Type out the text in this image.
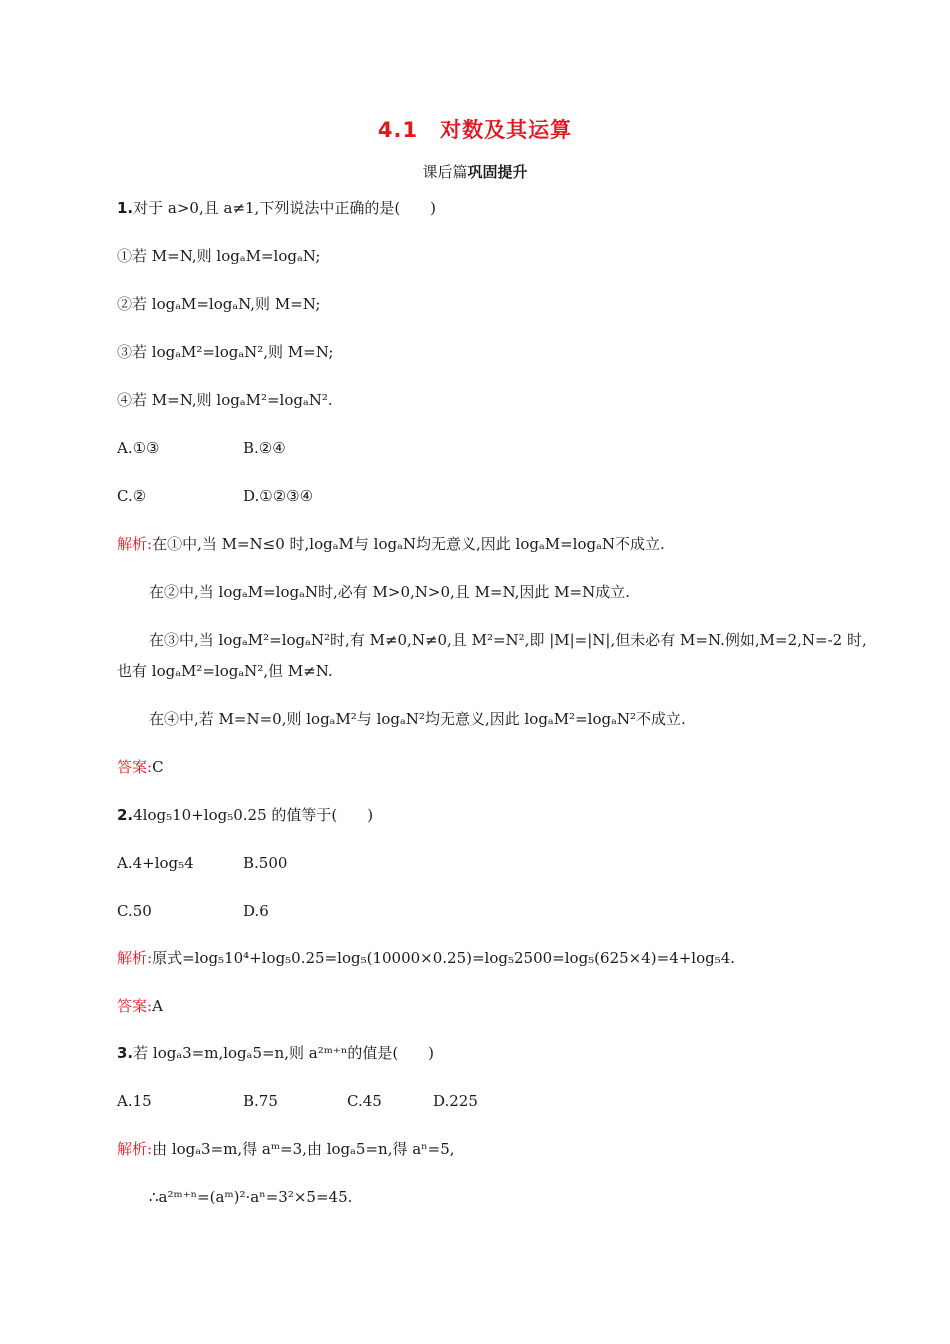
4.1　对数及其运算
课后篇巩固提升
1.对于 a>0,且 a≠1,下列说法中正确的是(　　)
①若 M=N,则 logₐM=logₐN;
②若 logₐM=logₐN,则 M=N;
③若 logₐM²=logₐN²,则 M=N;
④若 M=N,则 logₐM²=logₐN².
A.①③	B.②④
C.②	D.①②③④
解析:在①中,当 M=N≤0 时,logₐM与 logₐN均无意义,因此 logₐM=logₐN不成立.
在②中,当 logₐM=logₐN时,必有 M>0,N>0,且 M=N,因此 M=N成立.
在③中,当 logₐM²=logₐN²时,有 M≠0,N≠0,且 M²=N²,即 |M|=|N|,但未必有 M=N.例如,M=2,N=-2 时,
也有 logₐM²=logₐN²,但 M≠N.
在④中,若 M=N=0,则 logₐM²与 logₐN²均无意义,因此 logₐM²=logₐN²不成立.
答案:C
2.4log₅10+log₅0.25 的值等于(　　)
A.4+log₅4	B.500
C.50	D.6
解析:原式=log₅10⁴+log₅0.25=log₅(10000×0.25)=log₅2500=log₅(625×4)=4+log₅4.
答案:A
3.若 logₐ3=m,logₐ5=n,则 a²ᵐ⁺ⁿ的值是(　　)
A.15	B.75	C.45	D.225
解析:由 logₐ3=m,得 aᵐ=3,由 logₐ5=n,得 aⁿ=5,
∴a²ᵐ⁺ⁿ=(aᵐ)²·aⁿ=3²×5=45.
